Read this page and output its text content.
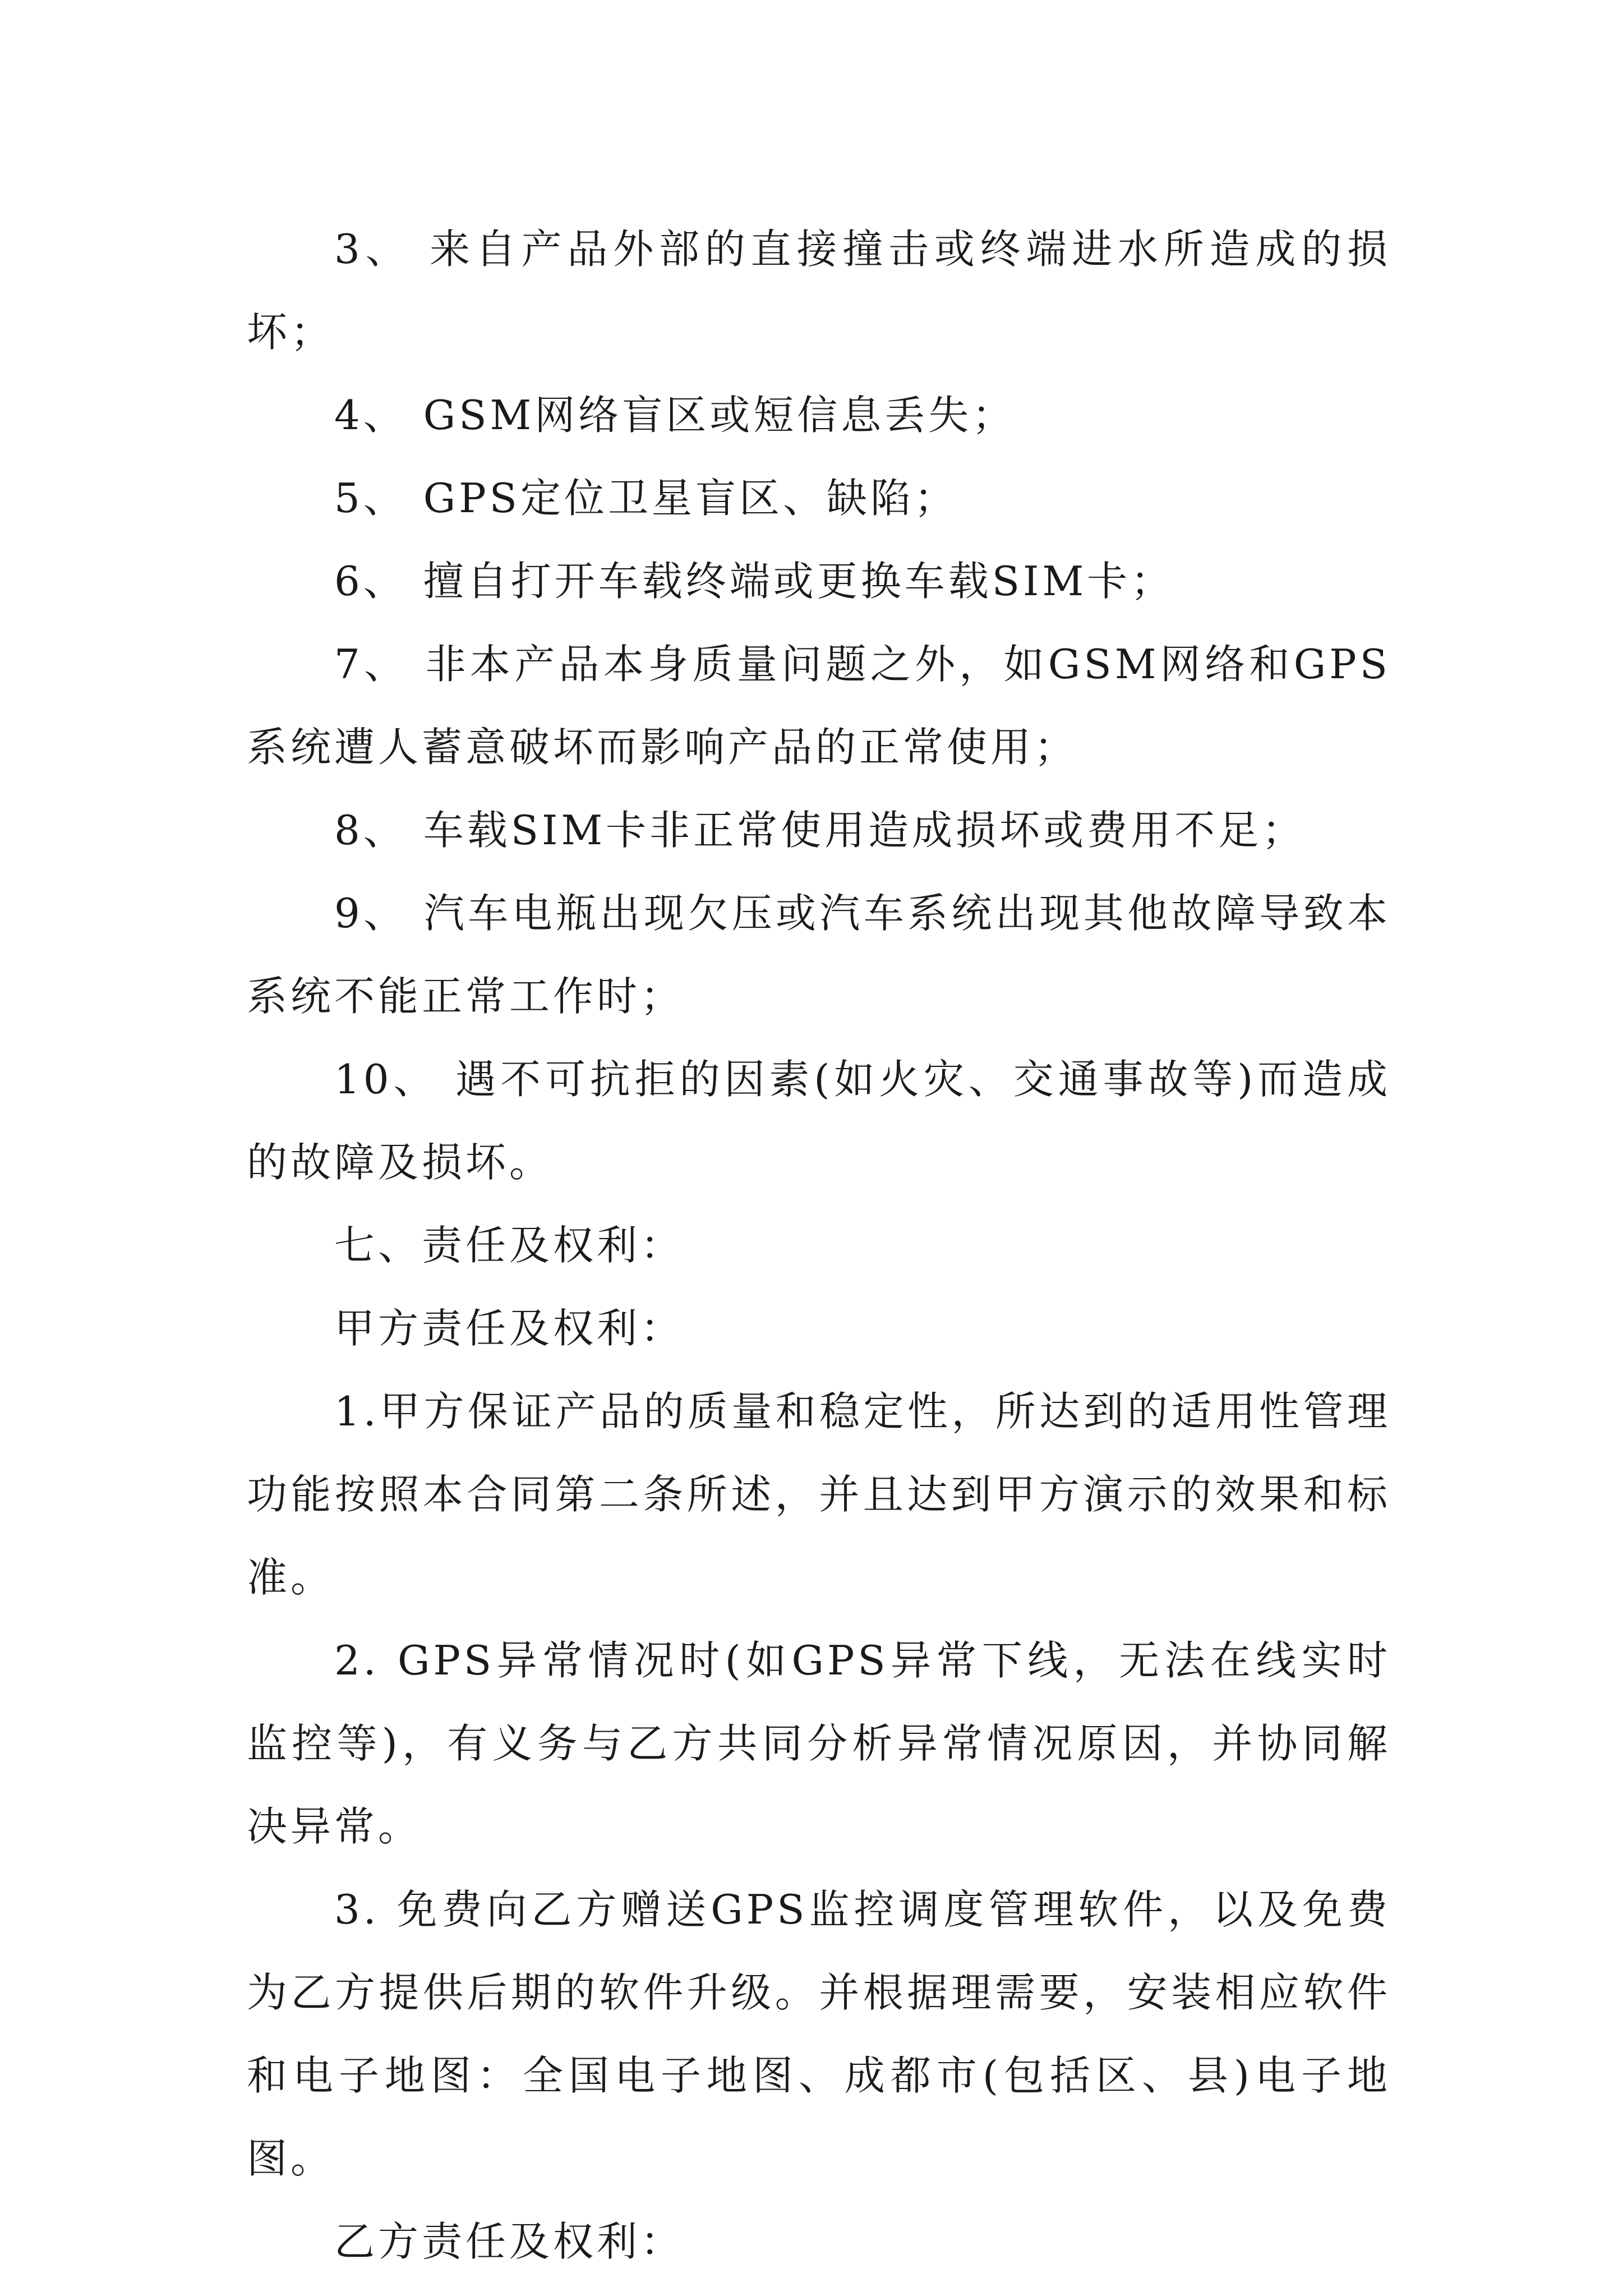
3、 来自产品外部的直接撞击或终端进水所造成的损坏；

4、 GSM网络盲区或短信息丢失；

5、 GPS定位卫星盲区、缺陷；

6、 擅自打开车载终端或更换车载SIM卡；

7、 非本产品本身质量问题之外，如GSM网络和GPS系统遭人蓄意破坏而影响产品的正常使用；

8、 车载SIM卡非正常使用造成损坏或费用不足；

9、 汽车电瓶出现欠压或汽车系统出现其他故障导致本系统不能正常工作时；

10、 遇不可抗拒的因素(如火灾、交通事故等)而造成的故障及损坏。

七、责任及权利：

甲方责任及权利：

1.甲方保证产品的质量和稳定性，所达到的适用性管理功能按照本合同第二条所述，并且达到甲方演示的效果和标准。

2. GPS异常情况时(如GPS异常下线，无法在线实时监控等)，有义务与乙方共同分析异常情况原因，并协同解决异常。

3. 免费向乙方赠送GPS监控调度管理软件，以及免费为乙方提供后期的软件升级。并根据理需要，安装相应软件和电子地图：全国电子地图、成都市(包括区、县)电子地图。

乙方责任及权利：
